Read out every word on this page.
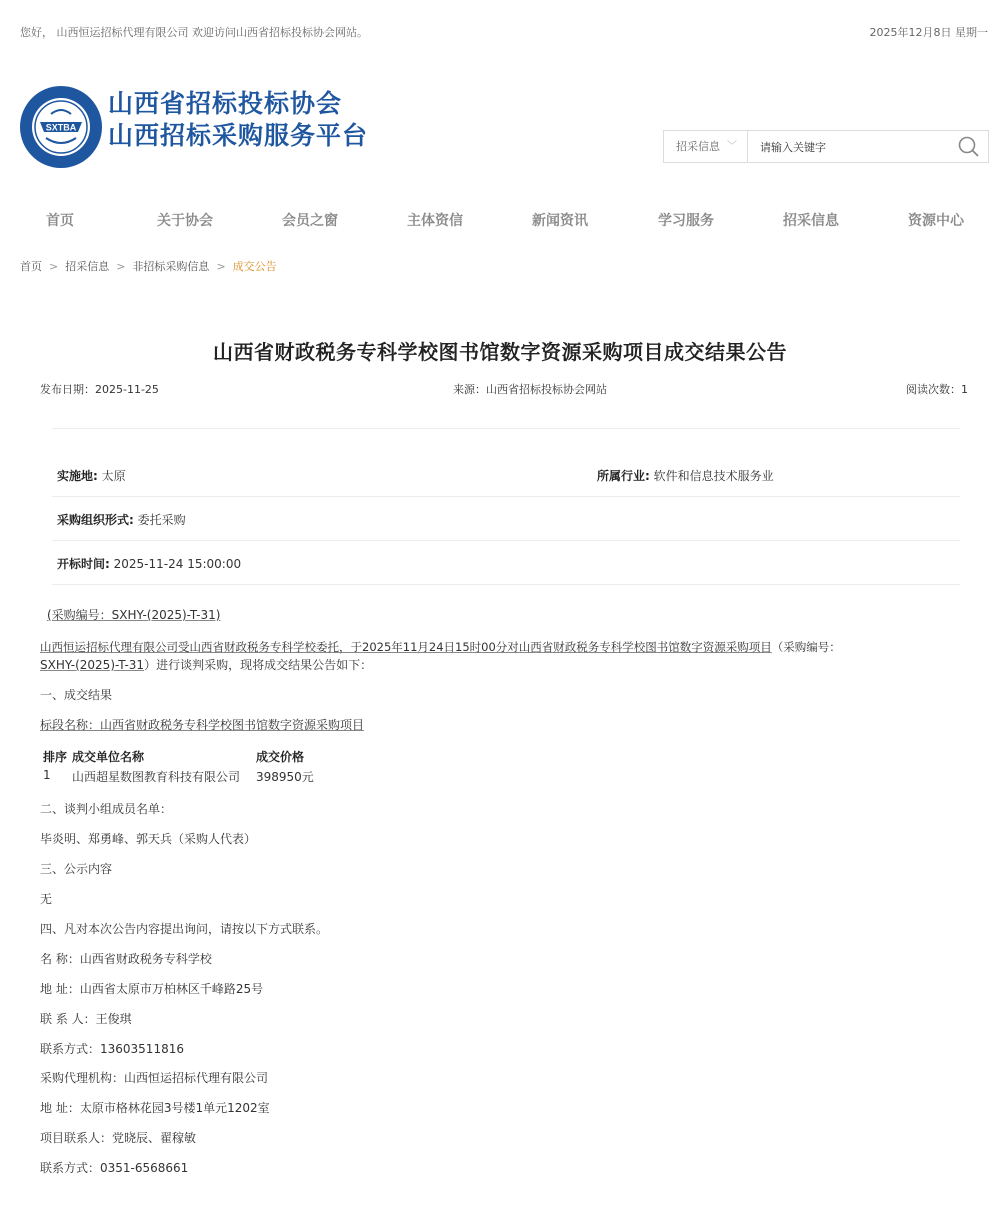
您好， 山西恒运招标代理有限公司 欢迎访问山西省招标投标协会网站。	2025年12月8日 星期一
SXTBA
山西省招标投标协会
山西招标采购服务平台	招采信息 ﹀
请输入关键字
首页	关于协会	会员之窗	主体资信	新闻资讯	学习服务	招采信息	资源中心
首页 > 招采信息 > 非招标采购信息 > 成交公告
山西省财政税务专科学校图书馆数字资源采购项目成交结果公告
发布日期：2025-11-25	来源：山西省招标投标协会网站	阅读次数：1
实施地: 太原	所属行业: 软件和信息技术服务业
采购组织形式: 委托采购
开标时间: 2025-11-24 15:00:00
(采购编号：SXHY-(2025)-T-31)
山西恒运招标代理有限公司受山西省财政税务专科学校委托，于2025年11月24日15时00分对山西省财政税务专科学校图书馆数字资源采购项目（采购编号：
SXHY-(2025)-T-31）进行谈判采购，现将成交结果公告如下：
一、成交结果
标段名称：山西省财政税务专科学校图书馆数字资源采购项目
排序 成交单位名称	成交价格
1 山西超星数图教育科技有限公司 398950元
二、谈判小组成员名单：
毕炎明、郑勇峰、郭天兵（采购人代表）
三、公示内容
无
四、凡对本次公告内容提出询问，请按以下方式联系。
名 称：山西省财政税务专科学校
地 址：山西省太原市万柏林区千峰路25号
联 系 人：王俊琪
联系方式：13603511816
采购代理机构：山西恒运招标代理有限公司
地 址：太原市格林花园3号楼1单元1202室
项目联系人：党晓辰、翟稼敏
联系方式：0351-6568661
